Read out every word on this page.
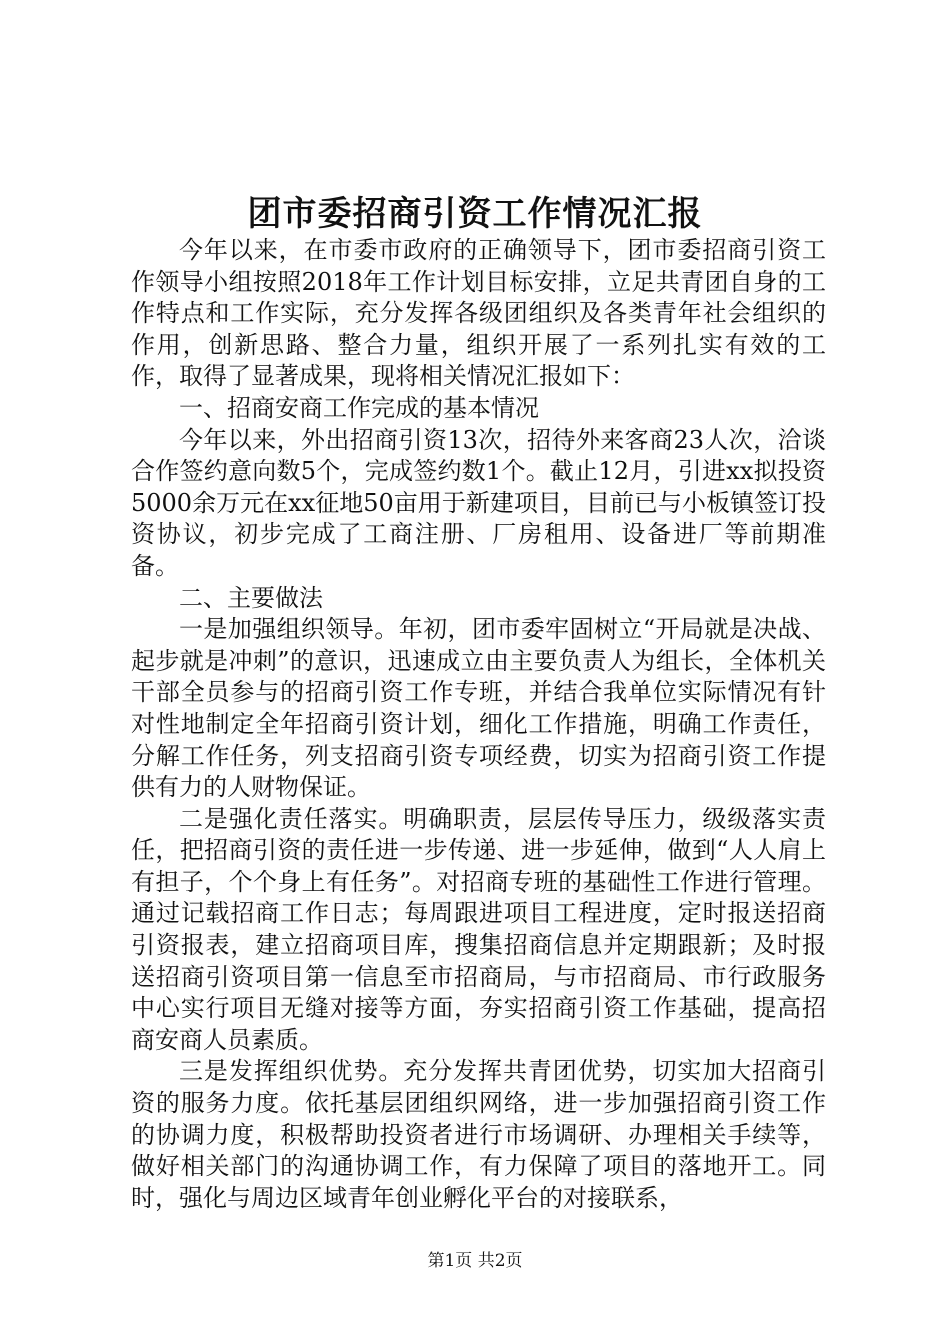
团市委招商引资工作情况汇报

今年以来，在市委市政府的正确领导下，团市委招商引资工作领导小组按照2018年工作计划目标安排，立足共青团自身的工作特点和工作实际，充分发挥各级团组织及各类青年社会组织的作用，创新思路、整合力量，组织开展了一系列扎实有效的工作，取得了显著成果，现将相关情况汇报如下：

一、招商安商工作完成的基本情况

今年以来，外出招商引资13次，招待外来客商23人次，洽谈合作签约意向数5个，完成签约数1个。截止12月，引进xx拟投资5000余万元在xx征地50亩用于新建项目，目前已与小板镇签订投资协议，初步完成了工商注册、厂房租用、设备进厂等前期准备。

二、主要做法

一是加强组织领导。年初，团市委牢固树立“开局就是决战、起步就是冲刺”的意识，迅速成立由主要负责人为组长，全体机关干部全员参与的招商引资工作专班，并结合我单位实际情况有针对性地制定全年招商引资计划，细化工作措施，明确工作责任，分解工作任务，列支招商引资专项经费，切实为招商引资工作提供有力的人财物保证。

二是强化责任落实。明确职责，层层传导压力，级级落实责任，把招商引资的责任进一步传递、进一步延伸，做到“人人肩上有担子，个个身上有任务”。对招商专班的基础性工作进行管理。通过记载招商工作日志；每周跟进项目工程进度，定时报送招商引资报表，建立招商项目库，搜集招商信息并定期跟新；及时报送招商引资项目第一信息至市招商局，与市招商局、市行政服务中心实行项目无缝对接等方面，夯实招商引资工作基础，提高招商安商人员素质。

三是发挥组织优势。充分发挥共青团优势，切实加大招商引资的服务力度。依托基层团组织网络，进一步加强招商引资工作的协调力度，积极帮助投资者进行市场调研、办理相关手续等，做好相关部门的沟通协调工作，有力保障了项目的落地开工。同时，强化与周边区域青年创业孵化平台的对接联系，

第1页 共2页
